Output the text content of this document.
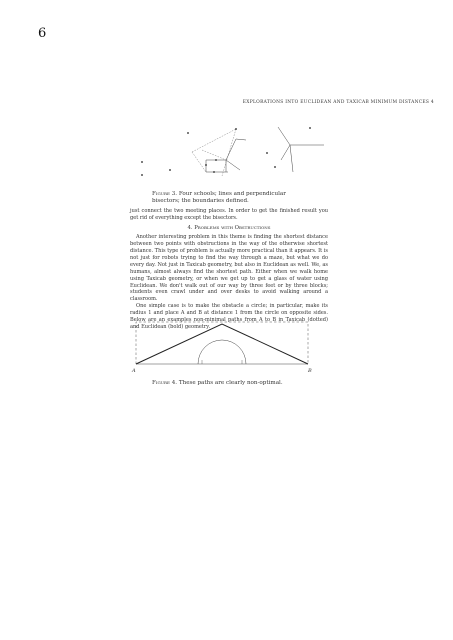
6
EXPLORATIONS INTO EUCLIDEAN AND TAXICAB MINIMUM DISTANCES 4
Figure 3. Four schools; lines and perpendicular bisectors; the boundaries defined.

just connect the two meeting places. In order to get the finished result you get rid of everything except the bisectors.

4. Problems with Obstructions

Another interesting problem in this theme is finding the shortest distance between two points with obstructions in the way of the otherwise shortest distance. This type of problem is actually more practical than it appears. It is not just for robots trying to find the way through a maze, but what we do every day. Not just in Taxicab geometry, but also in Euclidean as well. We, as humans, almost always find the shortest path. Either when we walk home using Taxicab geometry, or when we get up to get a glass of water using Euclidean. We don't walk out of our way by three feet or by three blocks; students even crawl under and over desks to avoid walking around a classroom.

One simple case is to make the obstacle a circle; in particular, make its radius 1 and place A and B at distance 1 from the circle on opposite sides. Below are an examples non-minimal paths from A to B in Taxicab (dotted) and Euclidean (bold) geometry.

A	B
Figure 4. These paths are clearly non-optimal.
